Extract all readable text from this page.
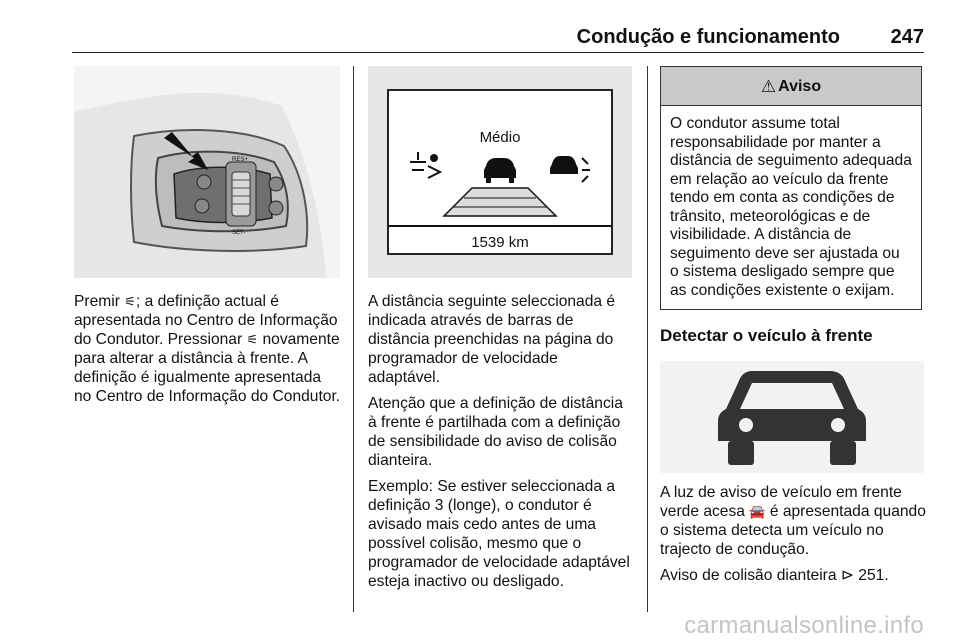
Condução e funcionamento	247
RES+
SET-

Premir ⚟; a definição actual é apresentada no Centro de Informação do Condutor. Pressionar ⚟ novamente para alterar a distância à frente. A definição é igualmente apresentada no Centro de Informação do Condutor.

Médio
1539 km

A distância seguinte seleccionada é indicada através de barras de distância preenchidas na página do programador de velocidade adaptável.

Atenção que a definição de distância à frente é partilhada com a definição de sensibilidade do aviso de colisão dianteira.

Exemplo: Se estiver seleccionada a definição 3 (longe), o condutor é avisado mais cedo antes de uma possível colisão, mesmo que o programador de velocidade adaptável esteja inactivo ou desligado.

⚠ Aviso
O condutor assume total responsabilidade por manter a distância de seguimento adequada em relação ao veículo da frente tendo em conta as condições de trânsito, meteorológicas e de visibilidade. A distância de seguimento deve ser ajustada ou o sistema desligado sempre que as condições existente o exijam.
Detectar o veículo à frente

A luz de aviso de veículo em frente verde acesa 🚘 é apresentada quando o sistema detecta um veículo no trajecto de condução.

Aviso de colisão dianteira ⊳ 251.

carmanualsonline.info
